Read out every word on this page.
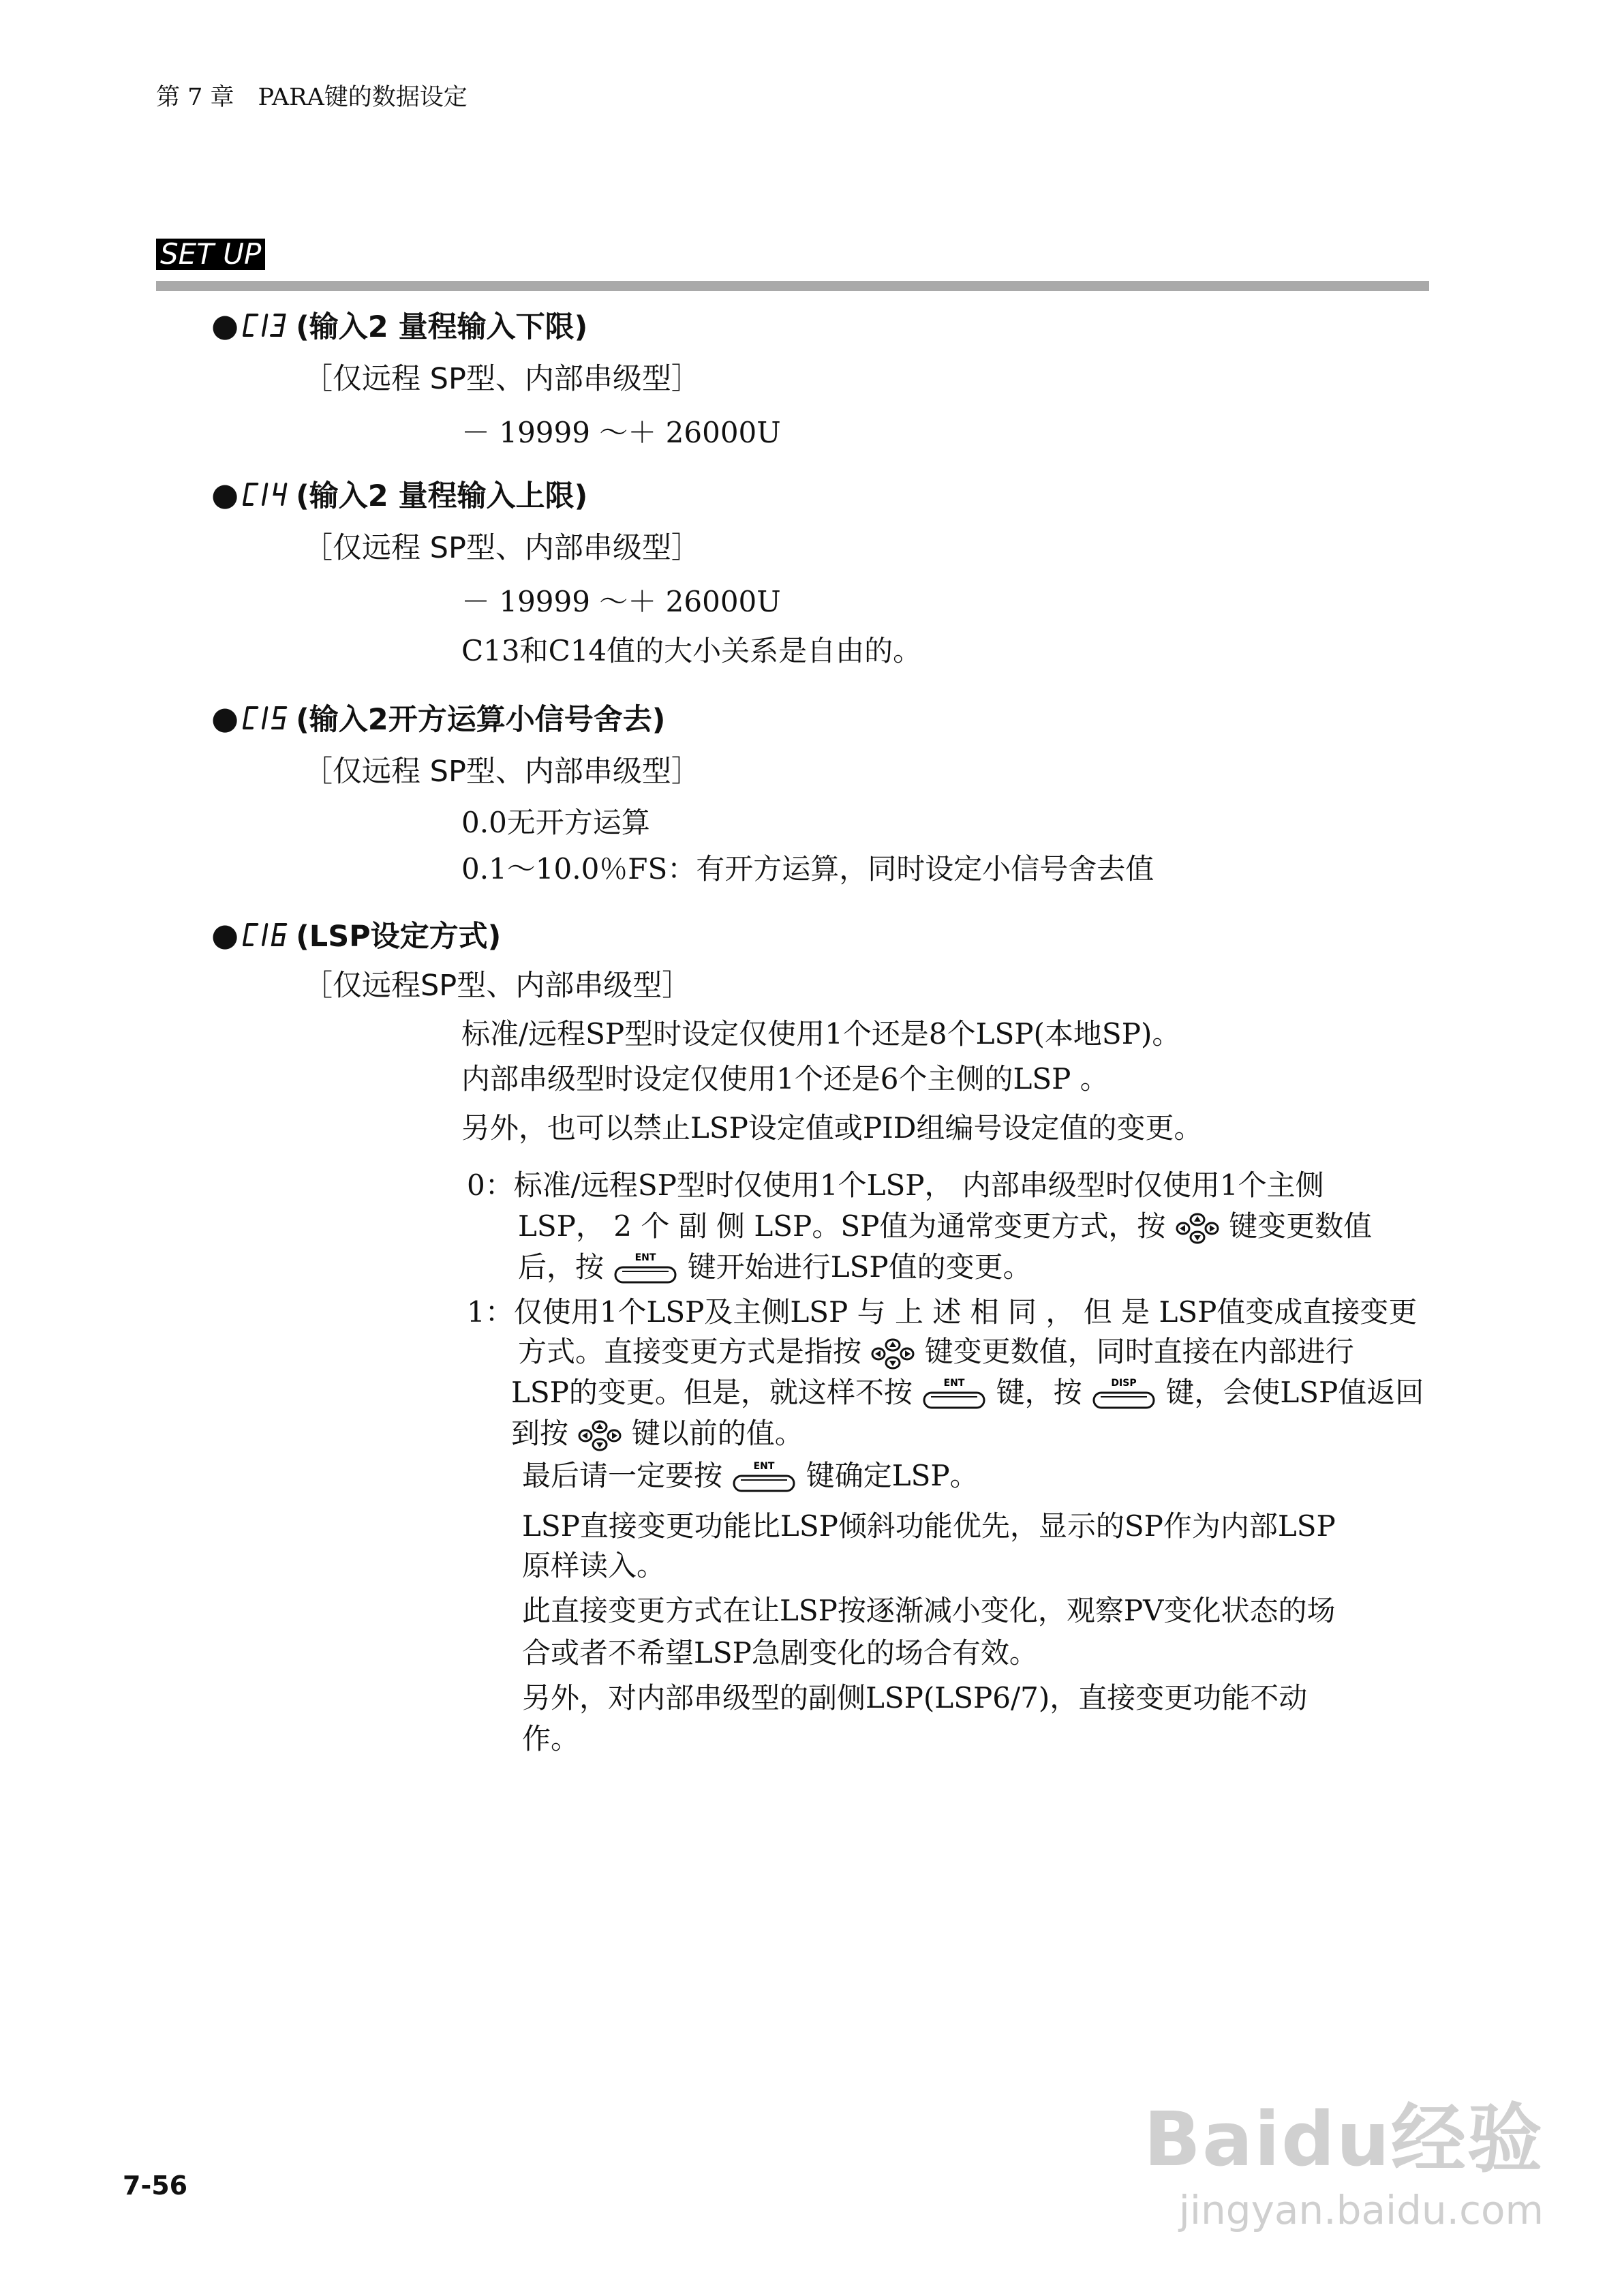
第 7 章　PARA键的数据设定
SET UP
● (输入2 量程输入下限)
［仅远程 SP型、内部串级型］
－ 19999 ～＋ 26000U
● (输入2 量程输入上限)
［仅远程 SP型、内部串级型］
－ 19999 ～＋ 26000U
C13和C14值的大小关系是自由的。
● (输入2开方运算小信号舍去)
［仅远程 SP型、内部串级型］
0.0无开方运算
0.1～10.0％FS：有开方运算，同时设定小信号舍去值
● (LSP设定方式)
［仅远程SP型、内部串级型］
标准/远程SP型时设定仅使用1个还是8个LSP(本地SP)。
内部串级型时设定仅使用1个还是6个主侧的LSP 。
另外，也可以禁止LSP设定值或PID组编号设定值的变更。
0：标准/远程SP型时仅使用1个LSP， 内部串级型时仅使用1个主侧
LSP， 2 个 副 侧 LSP。SP值为通常变更方式，按 键变更数值
后，按	ENT 键开始进行LSP值的变更。
1：仅使用1个LSP及主侧LSP 与 上 述 相 同 ， 但 是 LSP值变成直接变更
方式。直接变更方式是指按 键变更数值，同时直接在内部进行
LSP的变更。但是，就这样不按	ENT 键，按	DISP 键，会使LSP值返回
到按 键以前的值。
最后请一定要按	ENT 键确定LSP。
LSP直接变更功能比LSP倾斜功能优先，显示的SP作为内部LSP
原样读入。
此直接变更方式在让LSP按逐渐减小变化，观察PV变化状态的场
合或者不希望LSP急剧变化的场合有效。
另外，对内部串级型的副侧LSP(LSP6/7)，直接变更功能不动
作。
Baidu经验
jingyan.baidu.com
7-56
